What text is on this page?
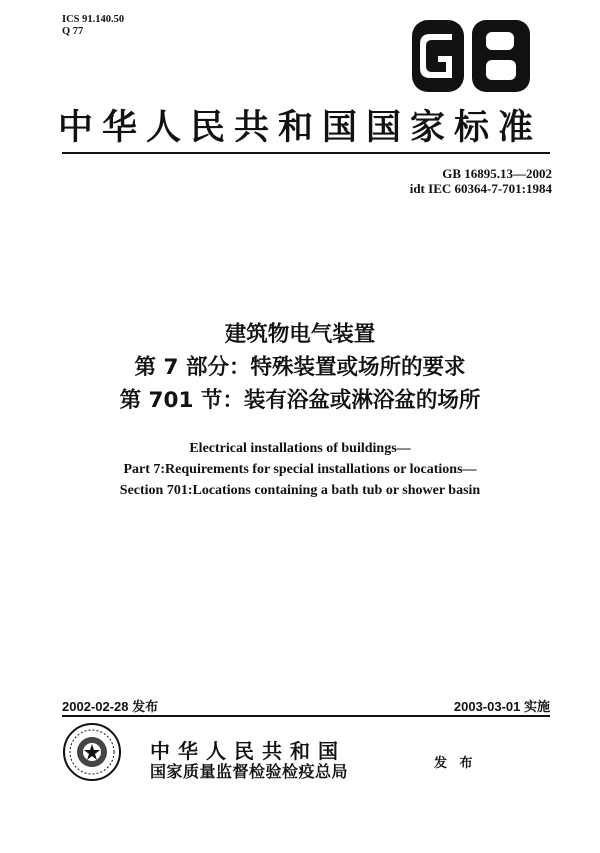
ICS 91.140.50
Q 77
中华人民共和国国家标准
GB 16895.13—2002
idt IEC 60364-7-701:1984
建筑物电气装置
第 7 部分：特殊装置或场所的要求
第 701 节：装有浴盆或淋浴盆的场所
Electrical installations of buildings—
Part 7:Requirements for special installations or locations—
Section 701:Locations containing a bath tub or shower basin
2002-02-28 发布	2003-03-01 实施
中华人民共和国
国家质量监督检验检疫总局	发 布
